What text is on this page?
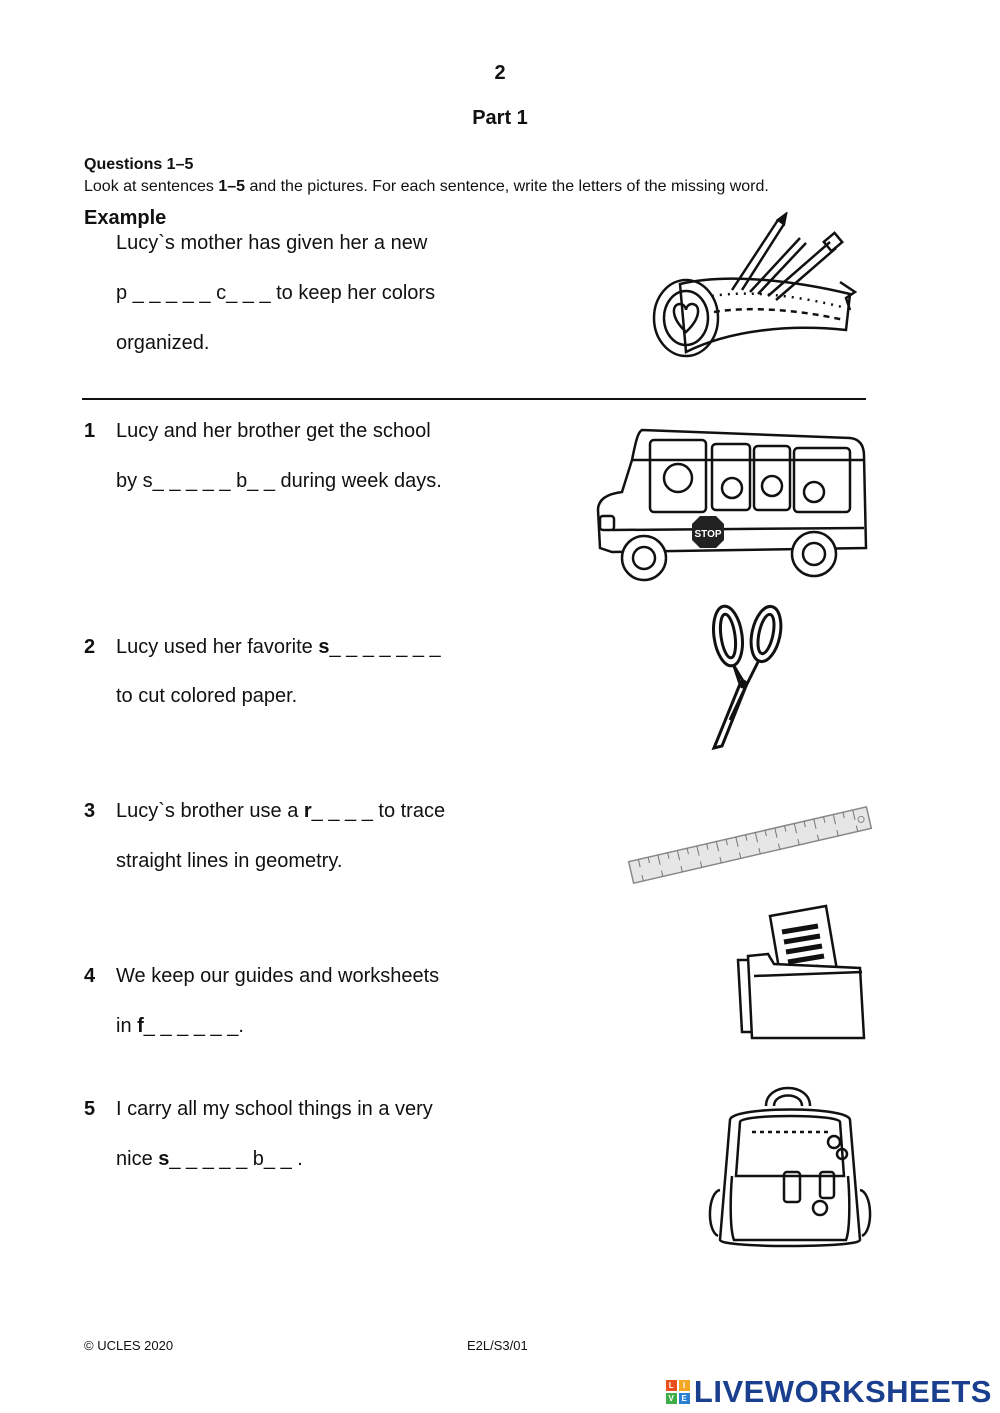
2
Part 1
Questions 1–5
Look at sentences 1–5 and the pictures. For each sentence, write the letters of the missing word.
Example
Lucy`s mother has given her a new
p _ _ _ _ _ c_ _ _ to keep her colors
organized.
1 Lucy and her brother get the school
by s_ _ _ _ _ b_ _ during week days.
STOP
2 Lucy used her favorite s_ _ _ _ _ _ _
to cut colored paper.
3 Lucy`s brother use a r_ _ _ _ to trace
straight lines in geometry.
4 We keep our guides and worksheets
in f_ _ _ _ _ _.
5 I carry all my school things in a very
nice s_ _ _ _ _ b_ _ .
© UCLES 2020	E2L/S3/01
L	I
V E LIVEWORKSHEETS
